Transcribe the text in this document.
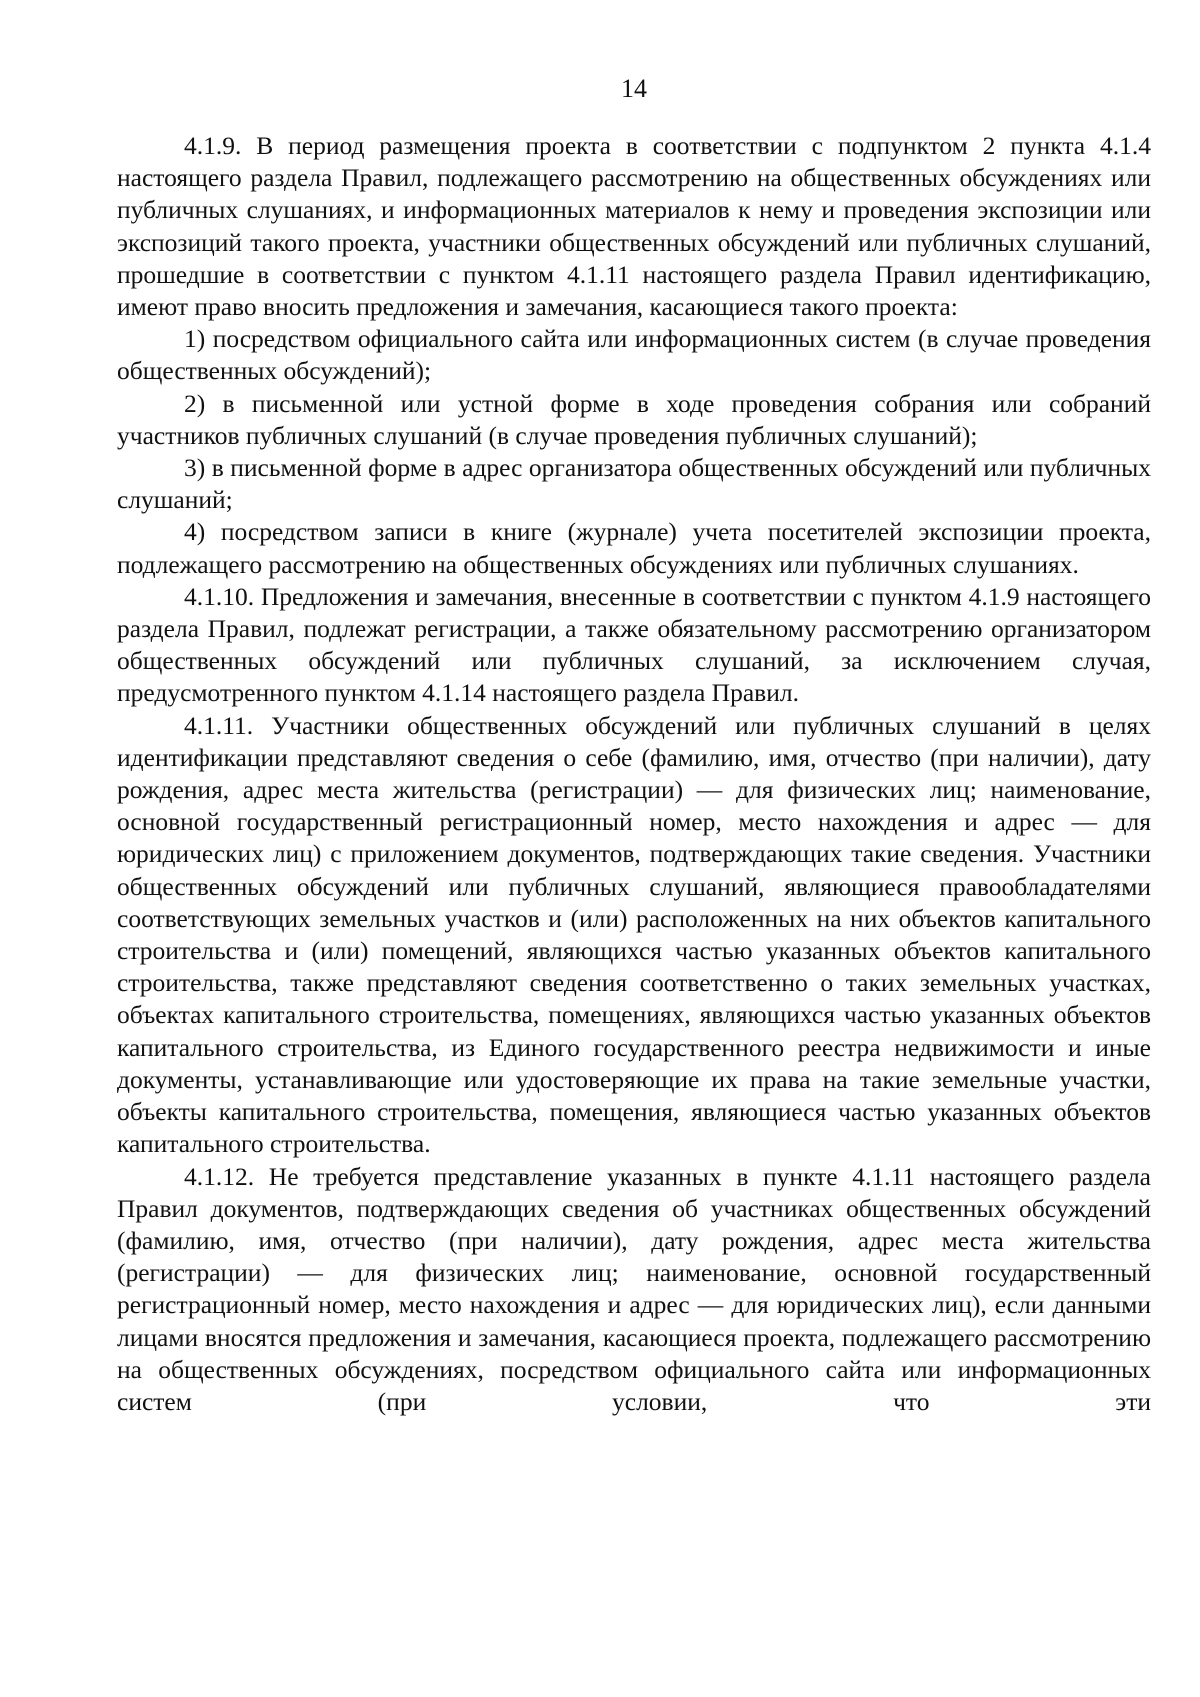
14

4.1.9. В период размещения проекта в соответствии с подпунктом 2 пункта 4.1.4 настоящего раздела Правил, подлежащего рассмотрению на общественных обсуждениях или публичных слушаниях, и информационных материалов к нему и проведения экспозиции или экспозиций такого проекта, участники общественных обсуждений или публичных слушаний, прошедшие в соответствии с пунктом 4.1.11 настоящего раздела Правил идентификацию, имеют право вносить предложения и замечания, касающиеся такого проекта:

1) посредством официального сайта или информационных систем (в случае проведения общественных обсуждений);

2) в письменной или устной форме в ходе проведения собрания или собраний участников публичных слушаний (в случае проведения публичных слушаний);

3) в письменной форме в адрес организатора общественных обсуждений или публичных слушаний;

4) посредством записи в книге (журнале) учета посетителей экспозиции проекта, подлежащего рассмотрению на общественных обсуждениях или публичных слушаниях.

4.1.10. Предложения и замечания, внесенные в соответствии с пунктом 4.1.9 настоящего раздела Правил, подлежат регистрации, а также обязательному рассмотрению организатором общественных обсуждений или публичных слушаний, за исключением случая, предусмотренного пунктом 4.1.14 настоящего раздела Правил.

4.1.11. Участники общественных обсуждений или публичных слушаний в целях идентификации представляют сведения о себе (фамилию, имя, отчество (при наличии), дату рождения, адрес места жительства (регистрации) — для физических лиц; наименование, основной государственный регистрационный номер, место нахождения и адрес — для юридических лиц) с приложением документов, подтверждающих такие сведения. Участники общественных обсуждений или публичных слушаний, являющиеся правообладателями соответствующих земельных участков и (или) расположенных на них объектов капитального строительства и (или) помещений, являющихся частью указанных объектов капитального строительства, также представляют сведения соответственно о таких земельных участках, объектах капитального строительства, помещениях, являющихся частью указанных объектов капитального строительства, из Единого государственного реестра недвижимости и иные документы, устанавливающие или удостоверяющие их права на такие земельные участки, объекты капитального строительства, помещения, являющиеся частью указанных объектов капитального строительства.

4.1.12. Не требуется представление указанных в пункте 4.1.11 настоящего раздела Правил документов, подтверждающих сведения об участниках общественных обсуждений (фамилию, имя, отчество (при наличии), дату рождения, адрес места жительства (регистрации) — для физических лиц; наименование, основной государственный регистрационный номер, место нахождения и адрес — для юридических лиц), если данными лицами вносятся предложения и замечания, касающиеся проекта, подлежащего рассмотрению на общественных обсуждениях, посредством официального сайта или информационных систем (при условии, что эти
